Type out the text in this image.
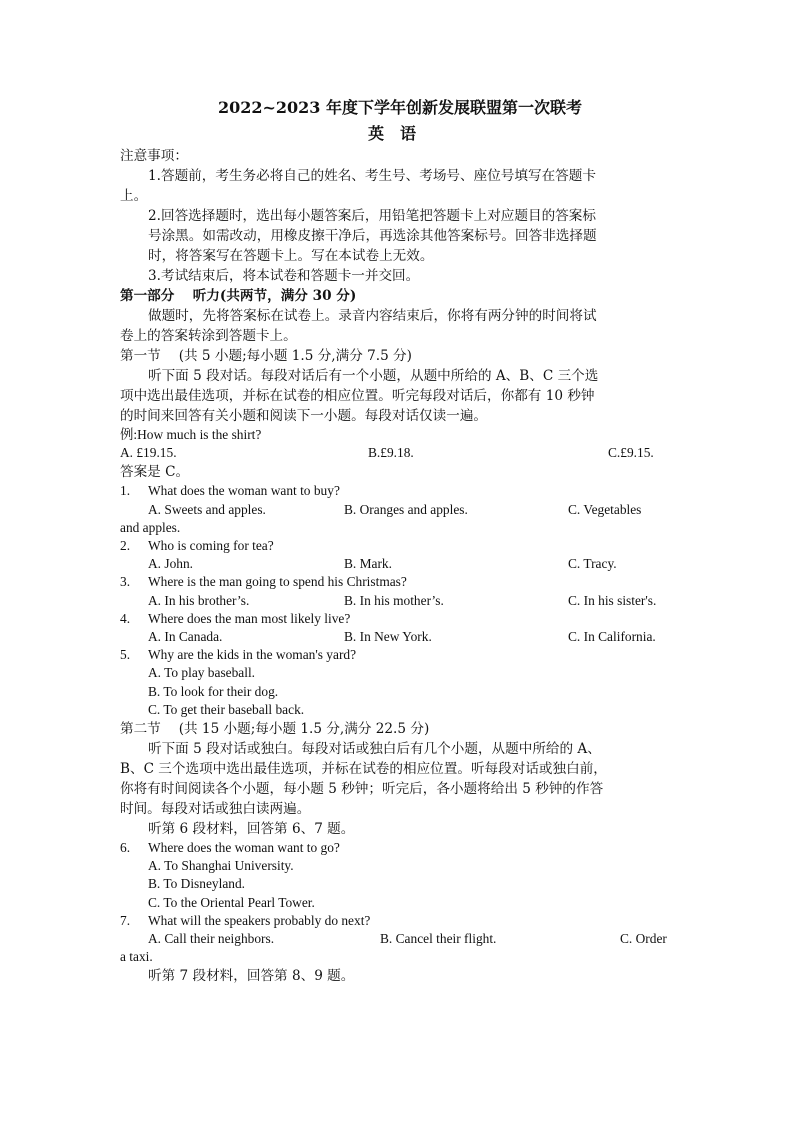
2022~2023 年度下学年创新发展联盟第一次联考
英语
注意事项：
1.答题前，考生务必将自己的姓名、考生号、考场号、座位号填写在答题卡
上。
2.回答选择题时，选出每小题答案后，用铅笔把答题卡上对应题目的答案标
号涂黑。如需改动，用橡皮擦干净后，再选涂其他答案标号。回答非选择题
时，将答案写在答题卡上。写在本试卷上无效。
3.考试结束后，将本试卷和答题卡一并交回。
第一部分　 听力(共两节，满分 30 分)
做题时，先将答案标在试卷上。录音内容结束后，你将有两分钟的时间将试
卷上的答案转涂到答题卡上。
第一节　 (共 5 小题;每小题 1.5 分,满分 7.5 分)
听下面 5 段对话。每段对话后有一个小题，从题中所给的 A、B、C 三个选
项中选出最佳选项，并标在试卷的相应位置。听完每段对话后，你都有 10 秒钟
的时间来回答有关小题和阅读下一小题。每段对话仅读一遍。
例:How much is the shirt?
A. £19.15.	B.£9.18.	C.£9.15.
答案是 C。
1. What does the woman want to buy?
A. Sweets and apples.	B. Oranges and apples.	C. Vegetables
and apples.
2. Who is coming for tea?
A. John.	B. Mark.	C. Tracy.
3. Where is the man going to spend his Christmas?
A. In his brother’s.	B. In his mother’s.	C. In his sister's.
4. Where does the man most likely live?
A. In Canada.	B. In New York.	C. In California.
5. Why are the kids in the woman's yard?
A. To play baseball.
B. To look for their dog.
C. To get their baseball back.
第二节　 (共 15 小题;每小题 1.5 分,满分 22.5 分)
听下面 5 段对话或独白。每段对话或独白后有几个小题，从题中所给的 A、
B、C 三个选项中选出最佳选项，并标在试卷的相应位置。听每段对话或独白前，
你将有时间阅读各个小题，每小题 5 秒钟；听完后，各小题将给出 5 秒钟的作答
时间。每段对话或独白读两遍。
听第 6 段材料，回答第 6、7 题。
6. Where does the woman want to go?
A. To Shanghai University.
B. To Disneyland.
C. To the Oriental Pearl Tower.
7. What will the speakers probably do next?
A. Call their neighbors.	B. Cancel their flight.	C. Order
a taxi.
听第 7 段材料，回答第 8、9 题。
